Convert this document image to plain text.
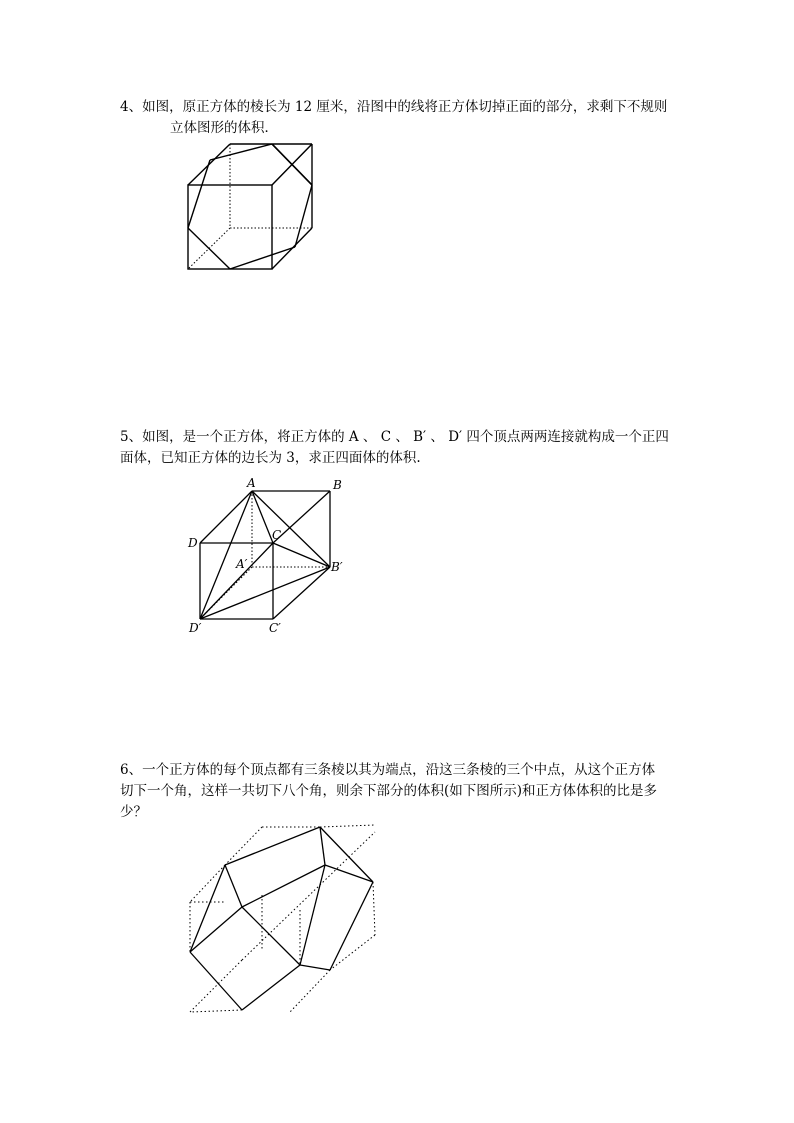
4、如图，原正方体的棱长为 12 厘米，沿图中的线将正方体切掉正面的部分，求剩下不规则

立体图形的体积．

5、如图，是一个正方体，将正方体的 A 、 C 、 B′ 、 D′ 四个顶点两两连接就构成一个正四

面体，已知正方体的边长为 3，求正四面体的体积.

A	B
C
D
A′	B′
C′
D′

6、一个正方体的每个顶点都有三条棱以其为端点，沿这三条棱的三个中点，从这个正方体

切下一个角，这样一共切下八个角，则余下部分的体积(如下图所示)和正方体体积的比是多

少？
